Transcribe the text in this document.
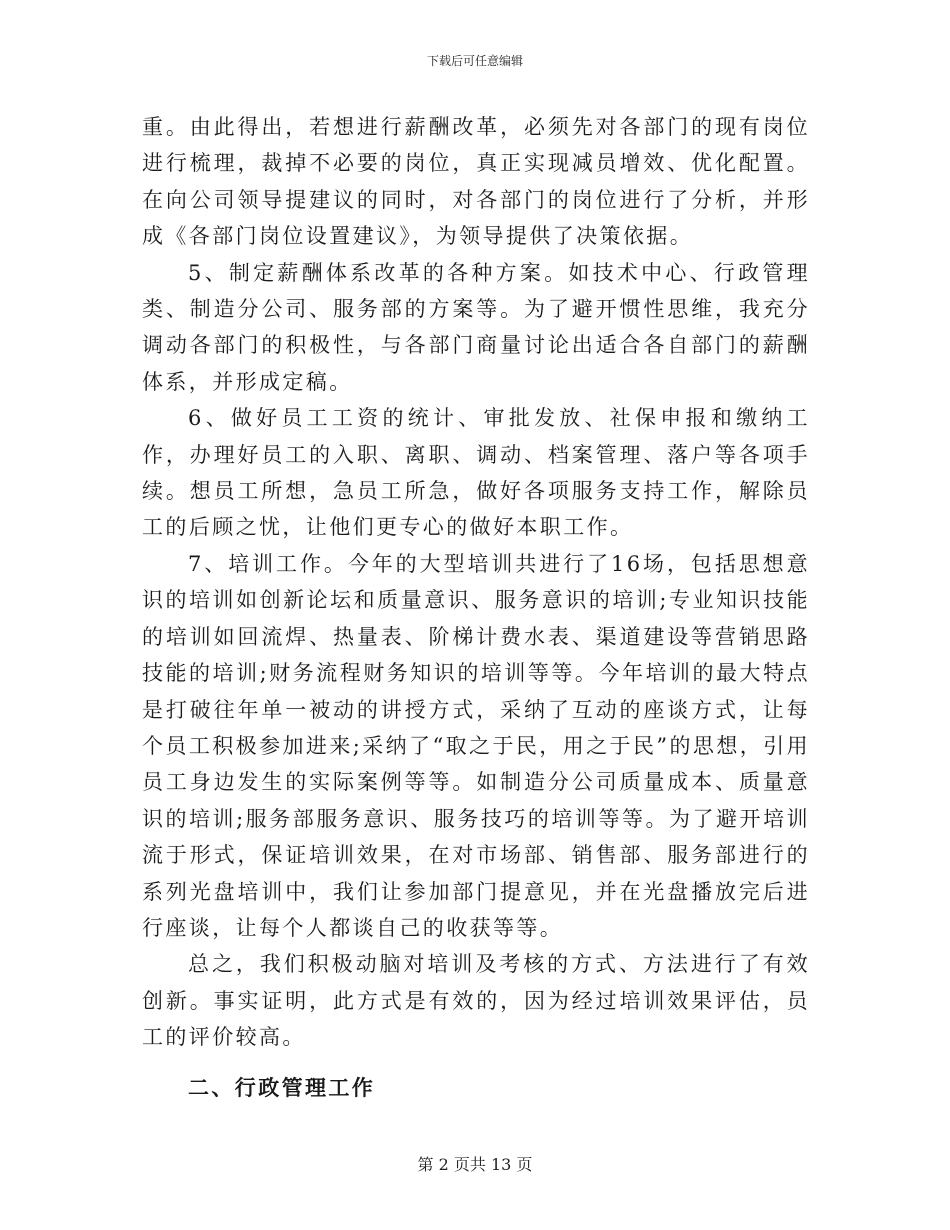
下载后可任意编辑

重。由此得出，若想进行薪酬改革，必须先对各部门的现有岗位进行梳理，裁掉不必要的岗位，真正实现减员增效、优化配置。在向公司领导提建议的同时，对各部门的岗位进行了分析，并形成《各部门岗位设置建议》，为领导提供了决策依据。

5、制定薪酬体系改革的各种方案。如技术中心、行政管理类、制造分公司、服务部的方案等。为了避开惯性思维，我充分调动各部门的积极性，与各部门商量讨论出适合各自部门的薪酬体系，并形成定稿。

6、做好员工工资的统计、审批发放、社保申报和缴纳工作，办理好员工的入职、离职、调动、档案管理、落户等各项手续。想员工所想，急员工所急，做好各项服务支持工作，解除员工的后顾之忧，让他们更专心的做好本职工作。

7、培训工作。今年的大型培训共进行了16场，包括思想意识的培训如创新论坛和质量意识、服务意识的培训;专业知识技能的培训如回流焊、热量表、阶梯计费水表、渠道建设等营销思路技能的培训;财务流程财务知识的培训等等。今年培训的最大特点是打破往年单一被动的讲授方式，采纳了互动的座谈方式，让每个员工积极参加进来;采纳了“取之于民，用之于民”的思想，引用员工身边发生的实际案例等等。如制造分公司质量成本、质量意识的培训;服务部服务意识、服务技巧的培训等等。为了避开培训流于形式，保证培训效果，在对市场部、销售部、服务部进行的系列光盘培训中，我们让参加部门提意见，并在光盘播放完后进行座谈，让每个人都谈自己的收获等等。

总之，我们积极动脑对培训及考核的方式、方法进行了有效创新。事实证明，此方式是有效的，因为经过培训效果评估，员工的评价较高。

二、行政管理工作

第 2 页共 13 页
